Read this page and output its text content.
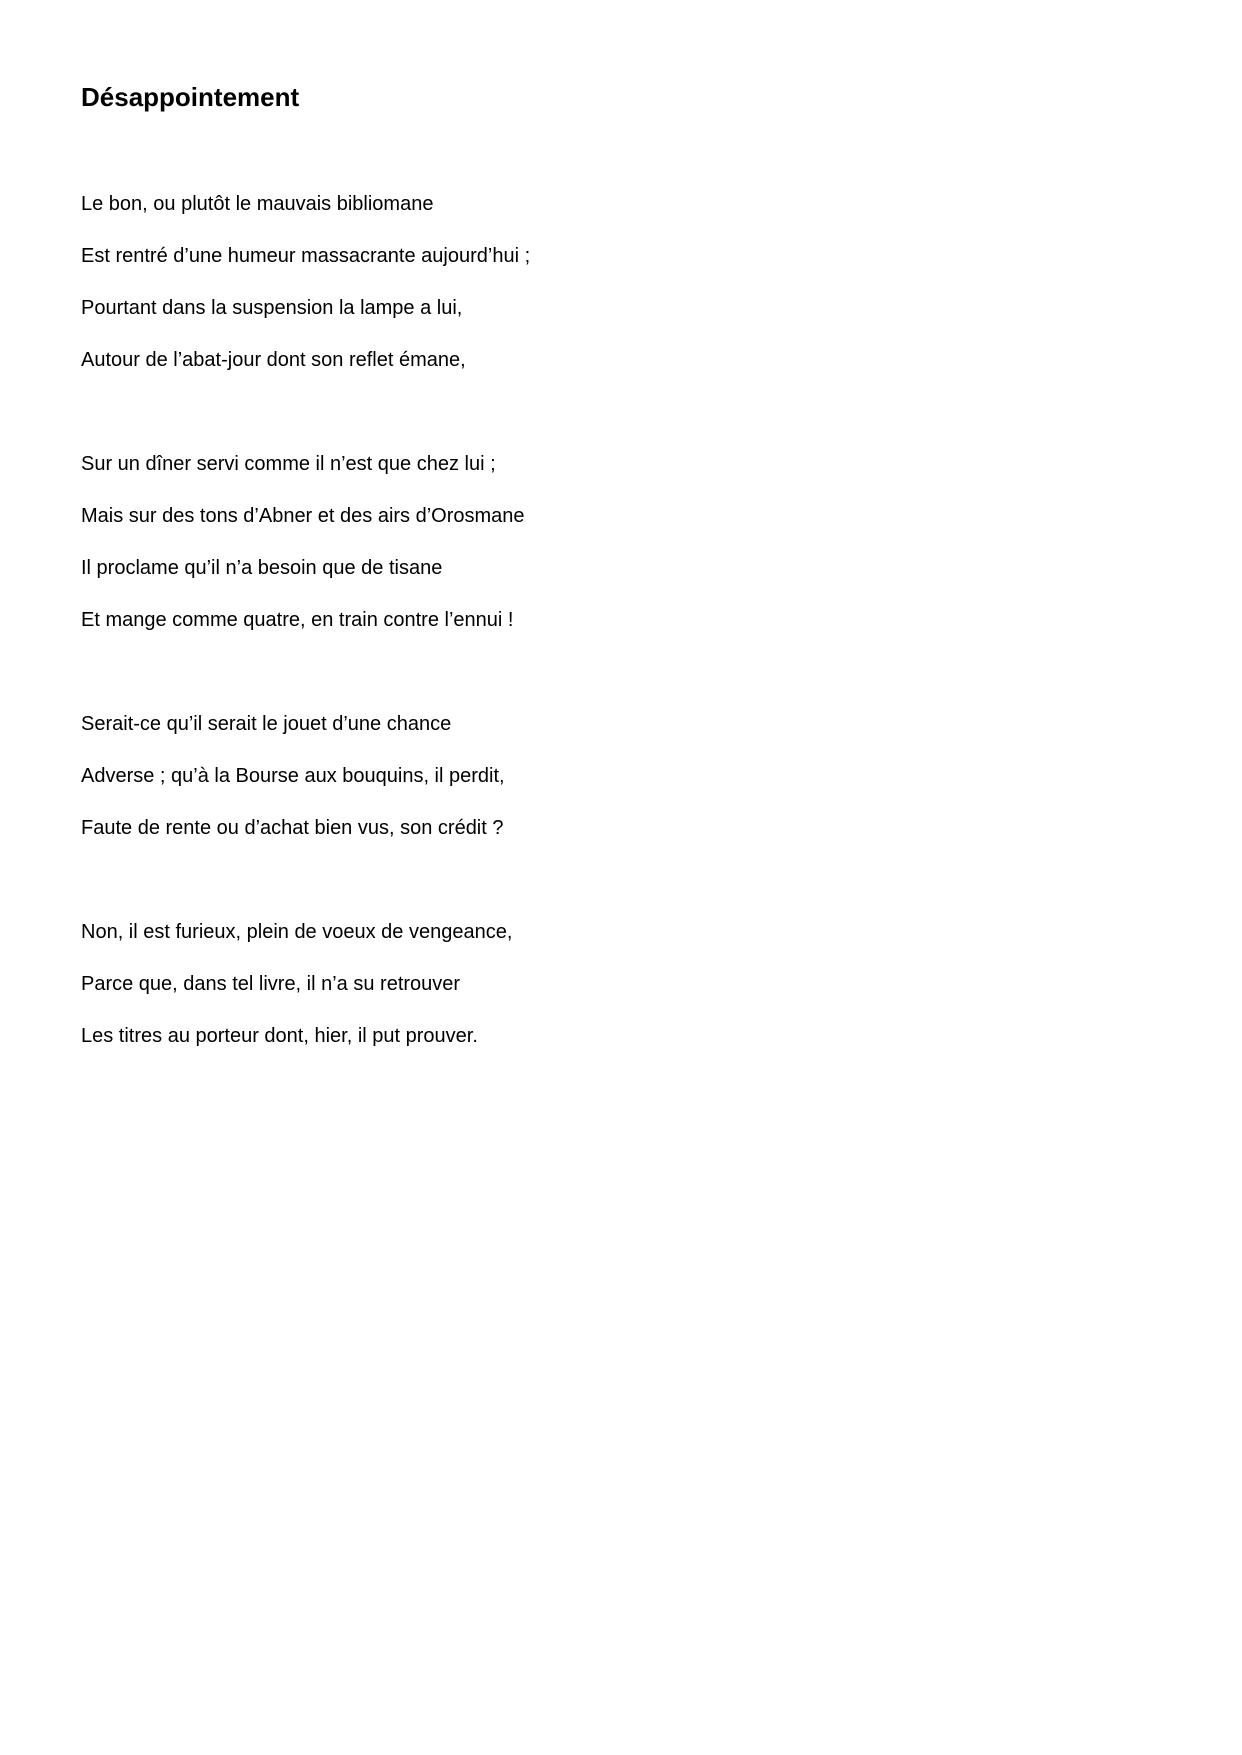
Désappointement

Le bon, ou plutôt le mauvais bibliomane

Est rentré d’une humeur massacrante aujourd’hui ;

Pourtant dans la suspension la lampe a lui,

Autour de l’abat-jour dont son reflet émane,

Sur un dîner servi comme il n’est que chez lui ;

Mais sur des tons d’Abner et des airs d’Orosmane

Il proclame qu’il n’a besoin que de tisane

Et mange comme quatre, en train contre l’ennui !

Serait-ce qu’il serait le jouet d’une chance

Adverse ; qu’à la Bourse aux bouquins, il perdit,

Faute de rente ou d’achat bien vus, son crédit ?

Non, il est furieux, plein de voeux de vengeance,

Parce que, dans tel livre, il n’a su retrouver

Les titres au porteur dont, hier, il put prouver.
